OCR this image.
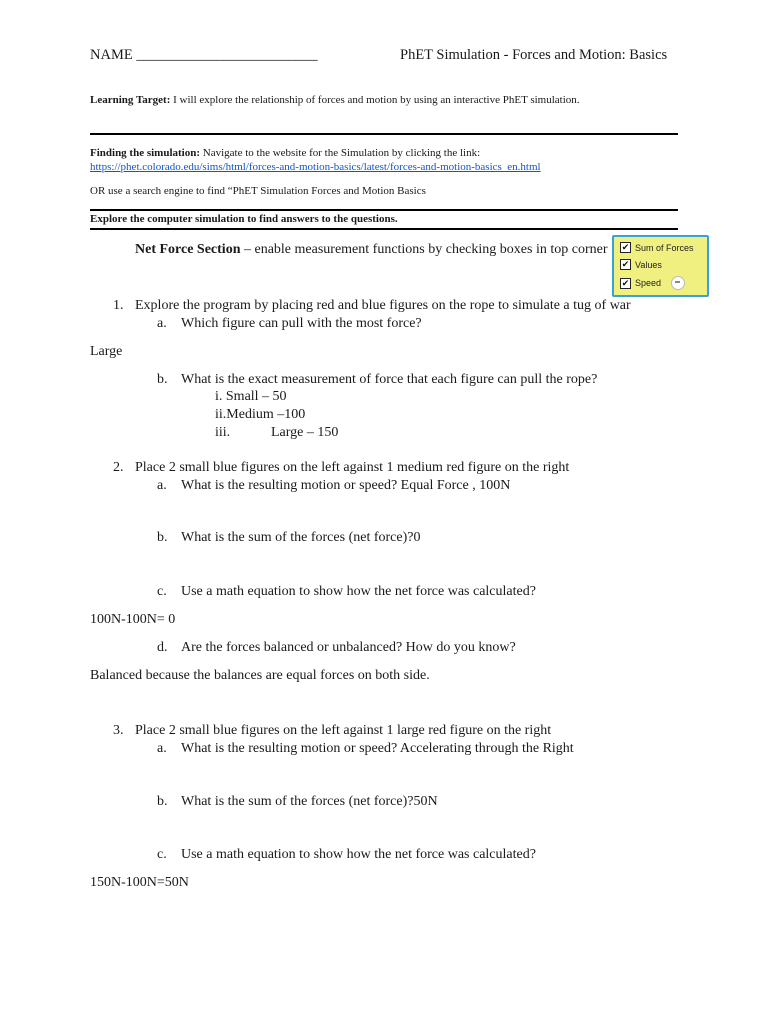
NAME _________________________	PhET Simulation - Forces and Motion: Basics
Learning Target: I will explore the relationship of forces and motion by using an interactive PhET simulation.
Finding the simulation: Navigate to the website for the Simulation by clicking the link:
https://phet.colorado.edu/sims/html/forces-and-motion-basics/latest/forces-and-motion-basics_en.html
OR use a search engine to find “PhET Simulation Forces and Motion Basics
Explore the computer simulation to find answers to the questions.
Net Force Section – enable measurement functions by checking boxes in top corner ✔ Sum of Forces
✔ Values
✔ Speed
1. Explore the program by placing red and blue figures on the rope to simulate a tug of war
a. Which figure can pull with the most force?
Large
b. What is the exact measurement of force that each figure can pull the rope?
i. Small – 50
ii.Medium –100
iii.	Large – 150
2. Place 2 small blue figures on the left against 1 medium red figure on the right
a. What is the resulting motion or speed? Equal Force , 100N
b. What is the sum of the forces (net force)?0
c. Use a math equation to show how the net force was calculated?
100N-100N= 0
d. Are the forces balanced or unbalanced? How do you know?
Balanced because the balances are equal forces on both side.
3. Place 2 small blue figures on the left against 1 large red figure on the right
a. What is the resulting motion or speed? Accelerating through the Right
b. What is the sum of the forces (net force)?50N
c. Use a math equation to show how the net force was calculated?
150N-100N=50N
